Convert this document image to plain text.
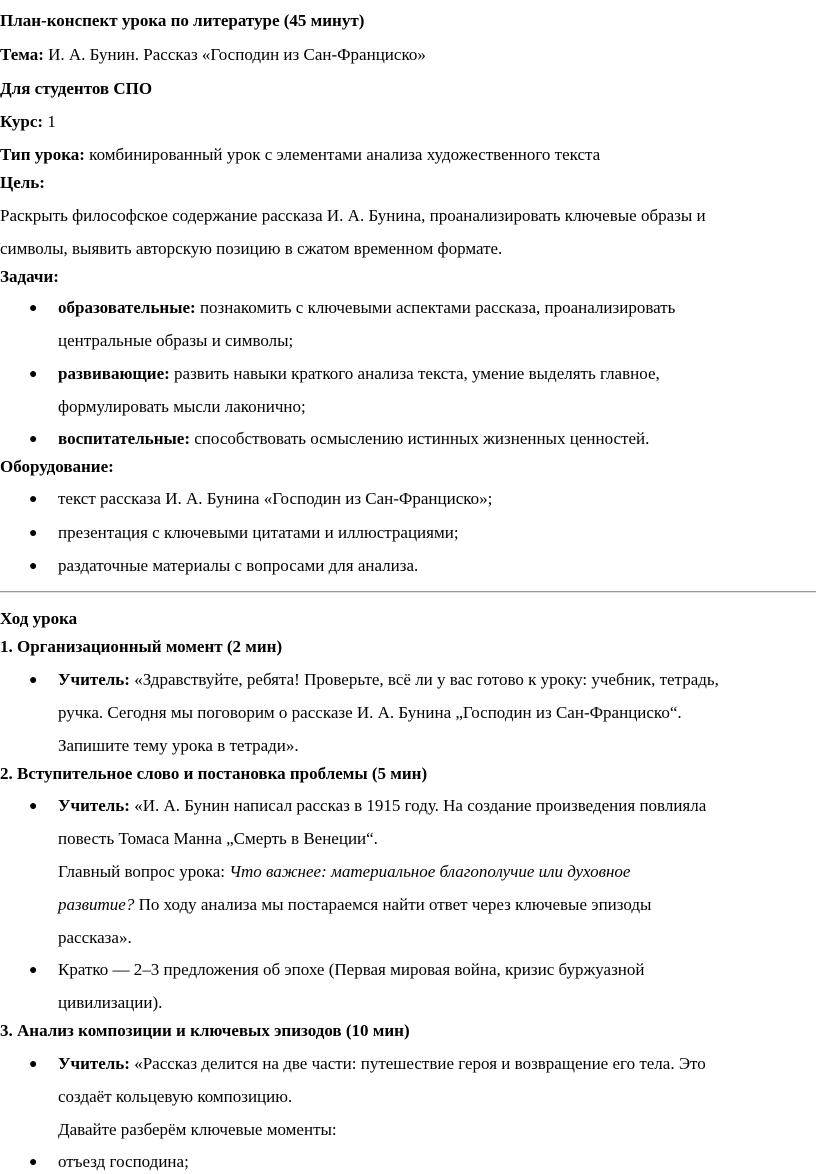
План-конспект урока по литературе (45 минут)
Тема: И. А. Бунин. Рассказ «Господин из Сан-Франциско»
Для студентов СПО
Курс: 1
Тип урока: комбинированный урок с элементами анализа художественного текста
Цель:
Раскрыть философское содержание рассказа И. А. Бунина, проанализировать ключевые образы и
символы, выявить авторскую позицию в сжатом временном формате.
Задачи:
● образовательные: познакомить с ключевыми аспектами рассказа, проанализировать
центральные образы и символы;
● развивающие: развить навыки краткого анализа текста, умение выделять главное,
формулировать мысли лаконично;
● воспитательные: способствовать осмыслению истинных жизненных ценностей.
Оборудование:
● текст рассказа И. А. Бунина «Господин из Сан-Франциско»;
● презентация с ключевыми цитатами и иллюстрациями;
● раздаточные материалы с вопросами для анализа.
Ход урока
1. Организационный момент (2 мин)
● Учитель: «Здравствуйте, ребята! Проверьте, всё ли у вас готово к уроку: учебник, тетрадь,
ручка. Сегодня мы поговорим о рассказе И. А. Бунина „Господин из Сан-Франциско“.
Запишите тему урока в тетради».
2. Вступительное слово и постановка проблемы (5 мин)
● Учитель: «И. А. Бунин написал рассказ в 1915 году. На создание произведения повлияла
повесть Томаса Манна „Смерть в Венеции“.
Главный вопрос урока: Что важнее: материальное благополучие или духовное
развитие? По ходу анализа мы постараемся найти ответ через ключевые эпизоды
рассказа».
● Кратко — 2–3 предложения об эпохе (Первая мировая война, кризис буржуазной
цивилизации).
3. Анализ композиции и ключевых эпизодов (10 мин)
● Учитель: «Рассказ делится на две части: путешествие героя и возвращение его тела. Это
создаёт кольцевую композицию.
Давайте разберём ключевые моменты:
● отъезд господина;
